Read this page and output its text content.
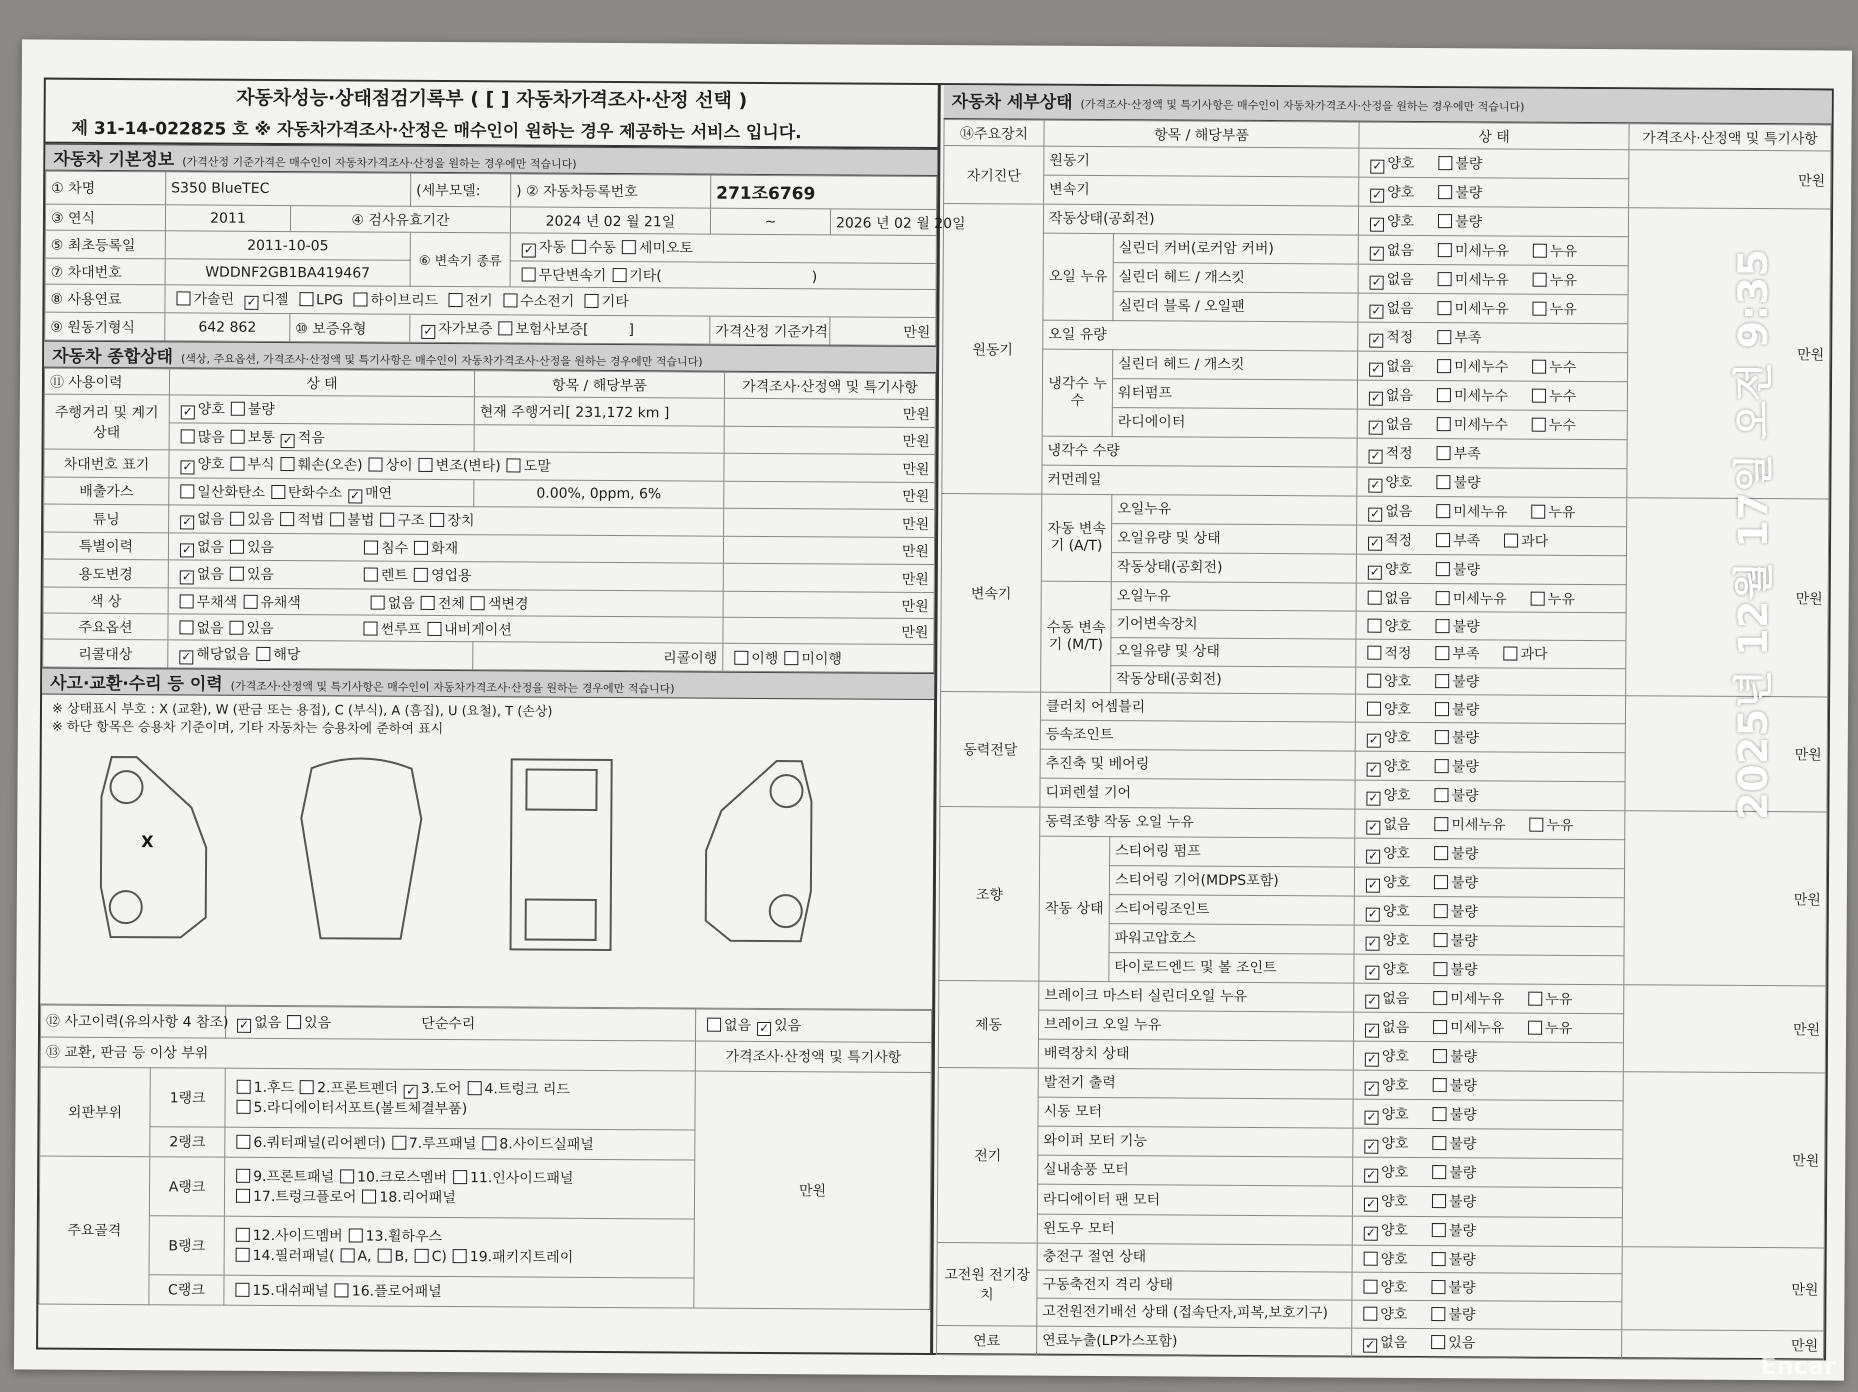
자동차성능·상태점검기록부 ( [ ] 자동차가격조사·산정 선택 )
제 31-14-022825 호 ※ 자동차가격조사·산정은 매수인이 원하는 경우 제공하는 서비스 입니다.
자동차 기본정보 (가격산정 기준가격은 매수인이 자동차가격조사·산정을 원하는 경우에만 적습니다)
① 차명	S350 BlueTEC		(세부모델:	) ② 자동차등록번호	271조6769	
③ 연식	2011	④ 검사유효기간		2024 년 02 월 21일	~	2026 년 02 월 20일
⑤ 최초등록일	2011-10-05		⑥ 변속기 종류	✓ 자동 수동 세미오토		
⑦ 차대번호	WDDNF2GB1BA419467			무단변속기 기타( )		
⑧ 사용연료	가솔린 ✓ 디젤 LPG 하이브리드 전기 수소전기 기타					
⑨ 원동기형식	642 862	⑩ 보증유형	✓ 자가보증 보험사보증[ ]		가격산정 기준가격	만원
자동차 종합상태 (색상, 주요옵션, 가격조사·산정액 및 특기사항은 매수인이 자동차가격조사·산정을 원하는 경우에만 적습니다)
⑪ 사용이력	상 태	항목 / 해당부품	가격조사·산정액 및 특기사항
주행거리 및 계기상태	✓ 양호 불량	현재 주행거리[ 231,172 km ]	만원
	많음 보통 ✓ 적음		만원
차대번호 표기	✓ 양호 부식 훼손(오손) 상이 변조(변타) 도말		만원
배출가스	일산화탄소 탄화수소 ✓ 매연	0.00%, 0ppm, 6%	만원
튜닝	✓ 없음 있음 적법 불법 구조 장치		만원
특별이력	✓ 없음 있음 침수 화재		만원
용도변경	✓ 없음 있음 렌트 영업용		만원
색 상	무채색 유채색 없음 전체 색변경		만원
주요옵션	없음 있음 썬루프 내비게이션		만원
리콜대상	✓ 해당없음 해당	리콜이행	이행 미이행
사고·교환·수리 등 이력 (가격조사·산정액 및 특기사항은 매수인이 자동차가격조사·산정을 원하는 경우에만 적습니다)
※ 상태표시 부호 : X (교환), W (판금 또는 용접), C (부식), A (흠집), U (요철), T (손상)
※ 하단 항목은 승용차 기준이며, 기타 자동차는 승용차에 준하여 표시
X
⑫ 사고이력(유의사항 4 참조)		✓ 없음 있음 단순수리	없음 ✓ 있음
⑬ 교환, 판금 등 이상 부위			가격조사·산정액 및 특기사항
외판부위	1랭크	1.후드 2.프론트펜더 ✓ 3.도어 4.트렁크 리드
5.라디에이터서포트(볼트체결부품)	만원
	2랭크	6.쿼터패널(리어펜더) 7.루프패널 8.사이드실패널	
주요골격	A랭크	9.프론트패널 10.크로스멤버 11.인사이드패널
17.트렁크플로어 18.리어패널	
	B랭크	12.사이드멤버 13.휠하우스
14.필러패널( A, B, C) 19.패키지트레이	
	C랭크	15.대쉬패널 16.플로어패널	
자동차 세부상태 (가격조사·산정액 및 특기사항은 매수인이 자동차가격조사·산정을 원하는 경우에만 적습니다)
⑭주요장치	항목 / 해당부품		상 태	가격조사·산정액 및 특기사항
자기진단	원동기		✓ 양호 불량	만원
	변속기		✓ 양호 불량	
원동기	작동상태(공회전)		✓ 양호 불량	만원
	오일 누유	실린더 커버(로커암 커버)	✓ 없음 미세누유 누유	
		실린더 헤드 / 개스킷	✓ 없음 미세누유 누유	
		실린더 블록 / 오일팬	✓ 없음 미세누유 누유	
	오일 유량		✓ 적정 부족	
	냉각수 누수	실린더 헤드 / 개스킷	✓ 없음 미세누수 누수	
		워터펌프	✓ 없음 미세누수 누수	
		라디에이터	✓ 없음 미세누수 누수	
	냉각수 수량		✓ 적정 부족	
	커먼레일		✓ 양호 불량	
변속기	자동 변속기 (A/T)	오일누유	✓ 없음 미세누유 누유	만원
		오일유량 및 상태	✓ 적정 부족 과다	
		작동상태(공회전)	✓ 양호 불량	
	수동 변속기 (M/T)	오일누유	없음 미세누유 누유	
		기어변속장치	양호 불량	
		오일유량 및 상태	적정 부족 과다	
		작동상태(공회전)	양호 불량	
동력전달	클러치 어셈블리		양호 불량	만원
	등속조인트		✓ 양호 불량	
	추진축 및 베어링		✓ 양호 불량	
	디퍼렌셜 기어		✓ 양호 불량	
조향	동력조향 작동 오일 누유		✓ 없음 미세누유 누유	만원
	작동 상태	스티어링 펌프	✓ 양호 불량	
		스티어링 기어(MDPS포함)	✓ 양호 불량	
		스티어링조인트	✓ 양호 불량	
		파워고압호스	✓ 양호 불량	
		타이로드엔드 및 볼 조인트	✓ 양호 불량	
제동	브레이크 마스터 실린더오일 누유		✓ 없음 미세누유 누유	만원
	브레이크 오일 누유		✓ 없음 미세누유 누유	
	배력장치 상태		✓ 양호 불량	
전기	발전기 출력		✓ 양호 불량	만원
	시동 모터		✓ 양호 불량	
	와이퍼 모터 기능		✓ 양호 불량	
	실내송풍 모터		✓ 양호 불량	
	라디에이터 팬 모터		✓ 양호 불량	
	윈도우 모터		✓ 양호 불량	
고전원 전기장치	충전구 절연 상태		양호 불량	만원
	구동축전지 격리 상태		양호 불량	
	고전원전기배선 상태 (접속단자,피복,보호기구)		양호 불량	
연료	연료누출(LP가스포함)		✓ 없음 있음	만원
2025년 12월 17일 오전 9:35
Encar
